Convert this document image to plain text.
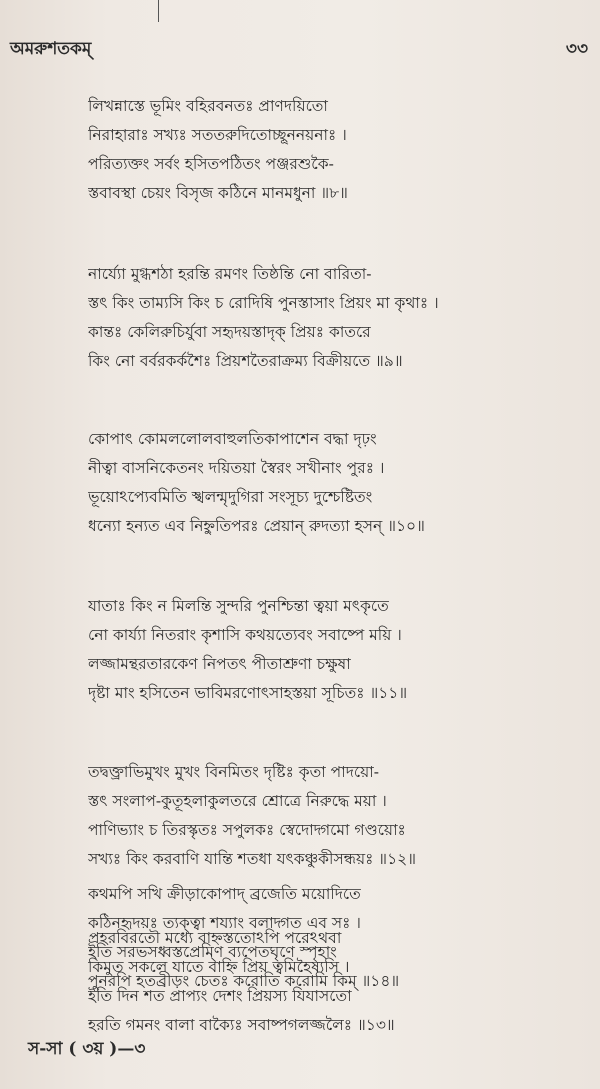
অমরুশতকম্	৩৩
লিখন্নাস্তে ভূমিং বহিরবনতঃ প্রাণদয়িতো
নিরাহারাঃ সখ্যঃ সততরুদিতোচ্ছূননয়নাঃ ।
পরিত্যক্তং সর্বং হসিতপঠিতং পঞ্জরশুকৈ-
স্তবাবস্থা চেয়ং বিসৃজ কঠিনে মানমধুনা ॥৮॥
নার্য্যো মুগ্ধশঠা হরন্তি রমণং তিষ্ঠন্তি নো বারিতা-
স্তৎ কিং তাম্যসি কিং চ রোদিষি পুনস্তাসাং প্রিয়ং মা কৃথাঃ ।
কান্তঃ কেলিরুচির্যুবা সহৃদয়স্তাদৃক্ প্রিয়ঃ কাতরে
কিং নো বর্বরকর্কশৈঃ প্রিয়শতৈরাক্রম্য বিক্রীয়তে ॥৯॥
কোপাৎ কোমললোলবাহুলতিকাপাশেন বদ্ধা দৃঢ়ং
নীত্বা বাসনিকেতনং দয়িতয়া স্বৈরং সখীনাং পুরঃ ।
ভূয়োঽপ্যেবমিতি স্খলন্মৃদুগিরা সংসূচ্য দুশ্চেষ্টিতং
ধন্যো হন্যত এব নিহ্নুতিপরঃ প্রেয়ান্ রুদত্যা হসন্ ॥১০॥
যাতাঃ কিং ন মিলন্তি সুন্দরি পুনশ্চিন্তা ত্বয়া মৎকৃতে
নো কার্য্যা নিতরাং কৃশাসি কথয়ত্যেবং সবাষ্পে ময়ি ।
লজ্জামন্থরতারকেণ নিপতৎ পীতাশ্রুণা চক্ষুষা
দৃষ্টা মাং হসিতেন ভাবিমরণোৎসাহস্তয়া সূচিতঃ ॥১১॥
তদ্বক্ত্রাভিমুখং মুখং বিনমিতং দৃষ্টিঃ কৃতা পাদয়ো-
স্তৎ সংলাপ-কুতূহলাকুলতরে শ্রোত্রে নিরুদ্ধে ময়া ।
পাণিভ্যাং চ তিরস্কৃতঃ সপুলকঃ স্বেদোদ্গমো গণ্ডয়োঃ
সখ্যঃ কিং করবাণি যান্তি শতধা যৎকঞ্চুকীসন্ধয়ঃ ॥১২॥
প্রহরবিরতৌ মধ্যে বাহ্নস্ততোঽপি পরেঽথবা
কিমুত সকলে যাতে বাহ্নি প্রিয় ত্বমিহৈষ্যসি ।
ইতি দিন শত প্রাপ্যং দেশং প্রিয়স্য যিযাসতো
হরতি গমনং বালা বাক্যৈঃ সবাষ্পগলজ্জলৈঃ ॥১৩॥
কথমপি সখি ক্রীড়াকোপাদ্ ব্রজেতি ময়োদিতে
কঠিনহৃদয়ঃ ত্যক্ত্বা শয্যাং বলাদ্গত এব সঃ ।
ইতি সরভসধ্বস্তপ্রেম্ণি ব্যপেতঘৃণে স্পৃহাং
পুনরপি হতব্রীড়ং চেতঃ করোতি করোমি কিম্ ॥১৪॥
স-সা ( ৩য় )—৩
